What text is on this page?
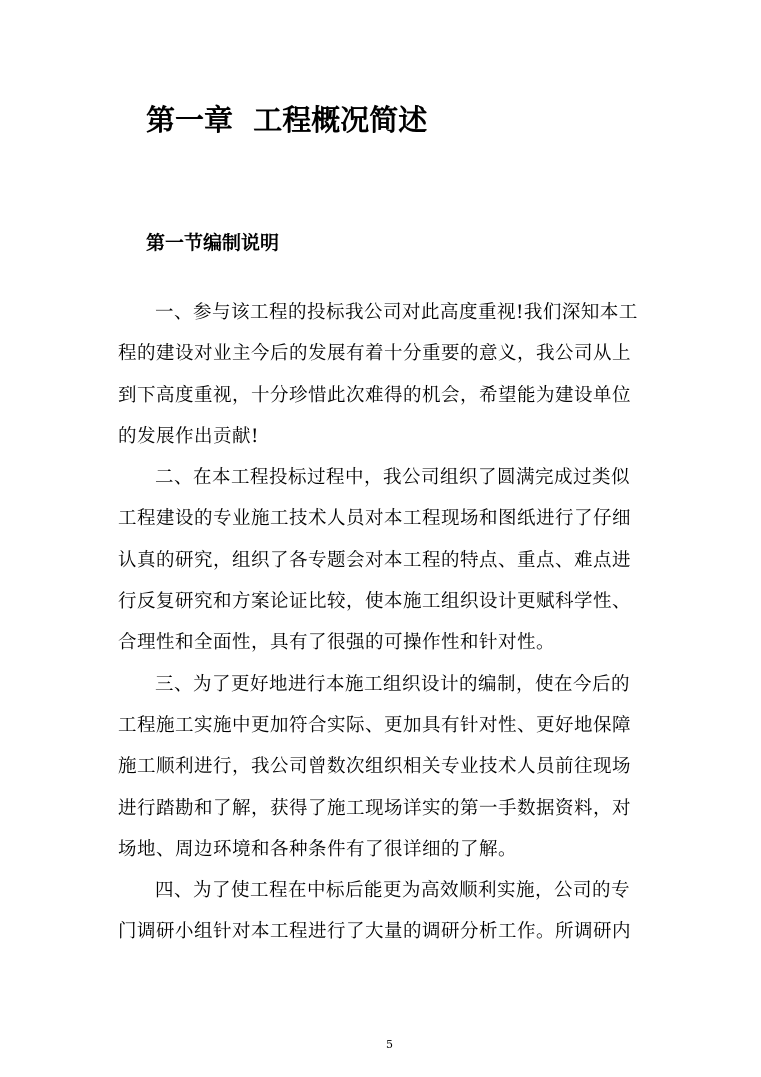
第一章  工程概况简述
第一节编制说明
一、参与该工程的投标我公司对此高度重视!我们深知本工
程的建设对业主今后的发展有着十分重要的意义，我公司从上
到下高度重视，十分珍惜此次难得的机会，希望能为建设单位
的发展作出贡献!
二、在本工程投标过程中，我公司组织了圆满完成过类似
工程建设的专业施工技术人员对本工程现场和图纸进行了仔细
认真的研究，组织了各专题会对本工程的特点、重点、难点进
行反复研究和方案论证比较，使本施工组织设计更赋科学性、
合理性和全面性，具有了很强的可操作性和针对性。
三、为了更好地进行本施工组织设计的编制，使在今后的
工程施工实施中更加符合实际、更加具有针对性、更好地保障
施工顺利进行，我公司曾数次组织相关专业技术人员前往现场
进行踏勘和了解，获得了施工现场详实的第一手数据资料，对
场地、周边环境和各种条件有了很详细的了解。
四、为了使工程在中标后能更为高效顺利实施，公司的专
门调研小组针对本工程进行了大量的调研分析工作。所调研内
5
